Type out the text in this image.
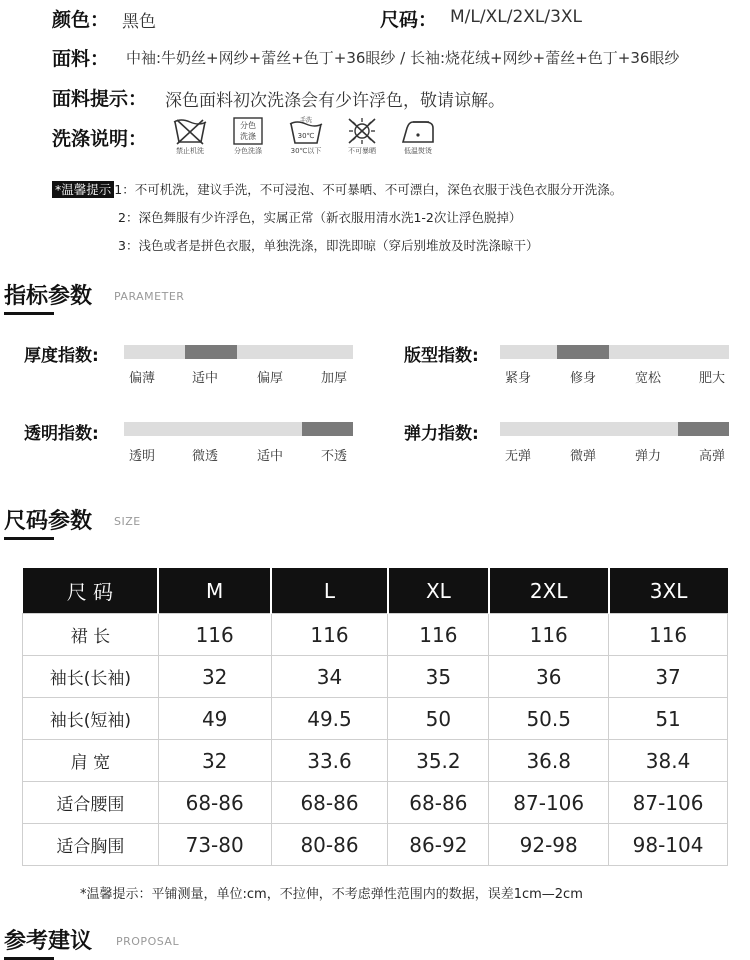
颜色： 黑色	尺码： M/L/XL/2XL/3XL
面料： 中袖:牛奶丝+网纱+蕾丝+色丁+36眼纱 / 长袖:烧花绒+网纱+蕾丝+色丁+36眼纱
面料提示： 深色面料初次洗涤会有少许浮色，敬请谅解。
洗涤说明：
禁止机洗
分色
洗涤
分色洗涤
手洗
30℃
30℃以下	不可暴晒	低温熨烫
*温馨提示 1：不可机洗，建议手洗，不可浸泡、不可暴晒、不可漂白，深色衣服于浅色衣服分开洗涤。
2：深色舞服有少许浮色，实属正常（新衣服用清水洗1-2次让浮色脱掉）
3：浅色或者是拼色衣服，单独洗涤，即洗即晾（穿后别堆放及时洗涤晾干）
指标参数 PARAMETER
厚度指数:
偏薄	适中	偏厚	加厚
版型指数:
紧身	修身	宽松	肥大
透明指数:
透明	微透	适中	不透
弹力指数:
无弹	微弹	弹力	高弹
尺码参数 SIZE
尺 码	M	L	XL	2XL	3XL
裙 长	116	116	116	116	116
袖长(长袖)	32	34	35	36	37
袖长(短袖)	49	49.5	50	50.5	51
肩 宽	32	33.6	35.2	36.8	38.4
适合腰围	68-86	68-86	68-86	87-106	87-106
适合胸围	73-80	80-86	86-92	92-98	98-104
*温馨提示：平铺测量，单位:cm，不拉伸，不考虑弹性范围内的数据，误差1cm—2cm
参考建议 PROPOSAL
